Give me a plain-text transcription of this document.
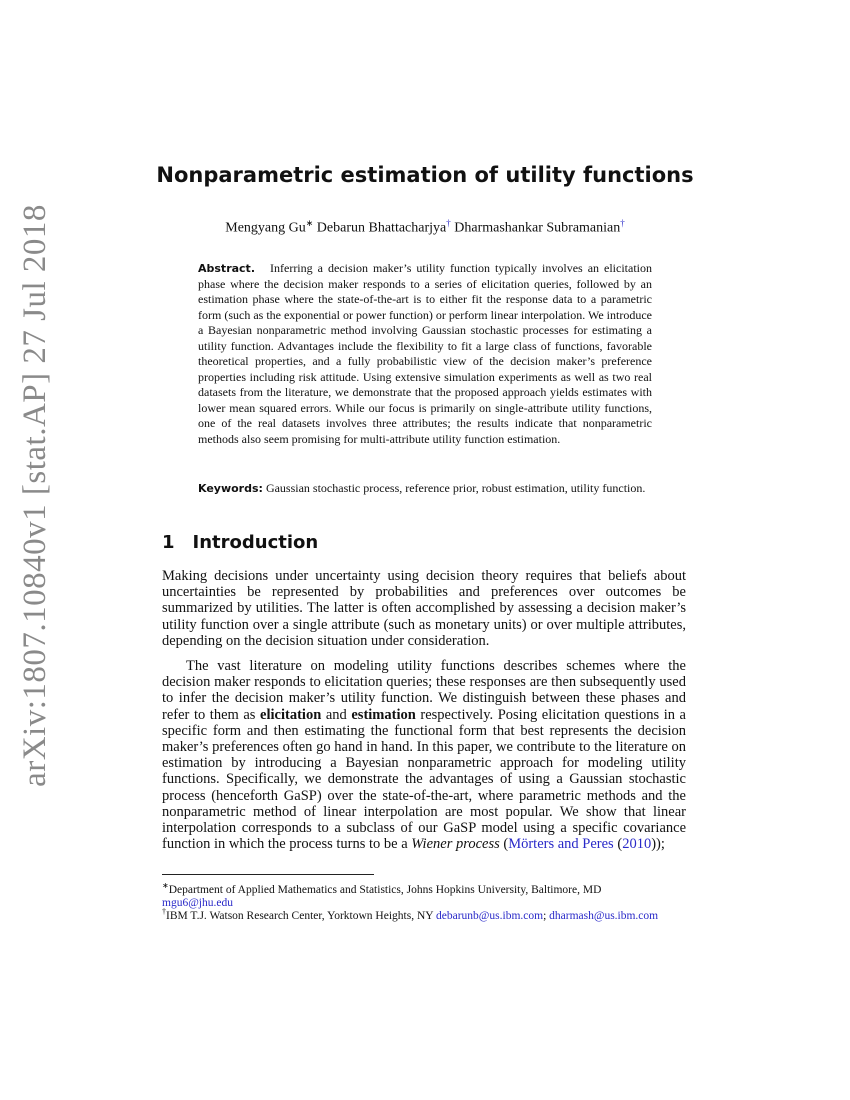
arXiv:1807.10840v1 [stat.AP] 27 Jul 2018
Nonparametric estimation of utility functions
Mengyang Gu∗ Debarun Bhattacharjya† Dharmashankar Subramanian†

Abstract. Inferring a decision maker’s utility function typically involves an elicitation phase where the decision maker responds to a series of elicitation queries, followed by an estimation phase where the state-of-the-art is to either fit the response data to a parametric form (such as the exponential or power function) or perform linear interpolation. We introduce a Bayesian nonparametric method involving Gaussian stochastic processes for estimating a utility function. Advantages include the flexibility to fit a large class of functions, favorable theoretical properties, and a fully probabilistic view of the decision maker’s preference properties including risk attitude. Using extensive simulation experiments as well as two real datasets from the literature, we demonstrate that the proposed approach yields estimates with lower mean squared errors. While our focus is primarily on single-attribute utility functions, one of the real datasets involves three attributes; the results indicate that nonparametric methods also seem promising for multi-attribute utility function estimation.

Keywords: Gaussian stochastic process, reference prior, robust estimation, utility function.

1 Introduction

Making decisions under uncertainty using decision theory requires that beliefs about uncertainties be represented by probabilities and preferences over outcomes be summarized by utilities. The latter is often accomplished by assessing a decision maker’s utility function over a single attribute (such as monetary units) or over multiple attributes, depending on the decision situation under consideration.

The vast literature on modeling utility functions describes schemes where the decision maker responds to elicitation queries; these responses are then subsequently used to infer the decision maker’s utility function. We distinguish between these phases and refer to them as elicitation and estimation respectively. Posing elicitation questions in a specific form and then estimating the functional form that best represents the decision maker’s preferences often go hand in hand. In this paper, we contribute to the literature on estimation by introducing a Bayesian nonparametric approach for modeling utility functions. Specifically, we demonstrate the advantages of using a Gaussian stochastic process (henceforth GaSP) over the state-of-the-art, where parametric methods and the nonparametric method of linear interpolation are most popular. We show that linear interpolation corresponds to a subclass of our GaSP model using a specific covariance function in which the process turns to be a Wiener process (Mörters and Peres (2010));

∗Department of Applied Mathematics and Statistics, Johns Hopkins University, Baltimore, MD
mgu6@jhu.edu

†IBM T.J. Watson Research Center, Yorktown Heights, NY debarunb@us.ibm.com; dharmash@us.ibm.com
